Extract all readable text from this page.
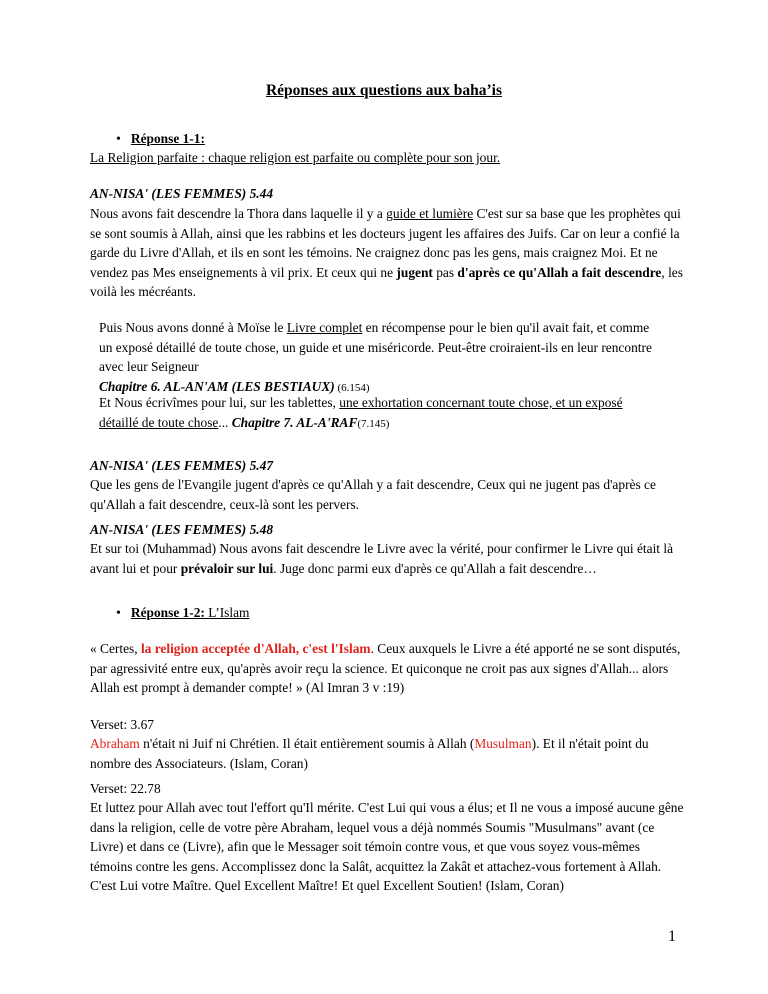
Réponses aux questions aux baha’is

• Réponse 1-1:

La Religion parfaite : chaque religion est parfaite ou complète pour son jour.

AN-NISA' (LES FEMMES) 5.44

Nous avons fait descendre la Thora dans laquelle il y a guide et lumière C'est sur sa base que les prophètes qui se sont soumis à Allah, ainsi que les rabbins et les docteurs jugent les affaires des Juifs. Car on leur a confié la garde du Livre d'Allah, et ils en sont les témoins. Ne craignez donc pas les gens, mais craignez Moi. Et ne vendez pas Mes enseignements à vil prix. Et ceux qui ne jugent pas d'après ce qu'Allah a fait descendre, les voilà les mécréants.

Puis Nous avons donné à Moïse le Livre complet en récompense pour le bien qu'il avait fait, et comme un exposé détaillé de toute chose, un guide et une miséricorde. Peut-être croiraient-ils en leur rencontre avec leur Seigneur
Chapitre 6. AL-AN'AM (LES BESTIAUX) (6.154)

Et Nous écrivîmes pour lui, sur les tablettes, une exhortation concernant toute chose, et un exposé détaillé de toute chose... Chapitre 7. AL-A'RAF(7.145)

AN-NISA' (LES FEMMES) 5.47

Que les gens de l'Evangile jugent d'après ce qu'Allah y a fait descendre, Ceux qui ne jugent pas d'après ce qu'Allah a fait descendre, ceux-là sont les pervers.

AN-NISA' (LES FEMMES) 5.48

Et sur toi (Muhammad) Nous avons fait descendre le Livre avec la vérité, pour confirmer le Livre qui était là avant lui et pour prévaloir sur lui. Juge donc parmi eux d'après ce qu'Allah a fait descendre…

• Réponse 1-2: L’Islam

« Certes, la religion acceptée d'Allah, c'est l'Islam. Ceux auxquels le Livre a été apporté ne se sont disputés, par agressivité entre eux, qu'après avoir reçu la science. Et quiconque ne croit pas aux signes d'Allah... alors Allah est prompt à demander compte! » (Al Imran 3 v :19)

Verset: 3.67

Abraham n'était ni Juif ni Chrétien. Il était entièrement soumis à Allah (Musulman). Et il n'était point du nombre des Associateurs. (Islam, Coran)

Verset: 22.78

Et luttez pour Allah avec tout l'effort qu'Il mérite. C'est Lui qui vous a élus; et Il ne vous a imposé aucune gêne dans la religion, celle de votre père Abraham, lequel vous a déjà nommés Soumis "Musulmans" avant (ce Livre) et dans ce (Livre), afin que le Messager soit témoin contre vous, et que vous soyez vous-mêmes témoins contre les gens. Accomplissez donc la Salât, acquittez la Zakât et attachez-vous fortement à Allah. C'est Lui votre Maître. Quel Excellent Maître! Et quel Excellent Soutien! (Islam, Coran)

1
